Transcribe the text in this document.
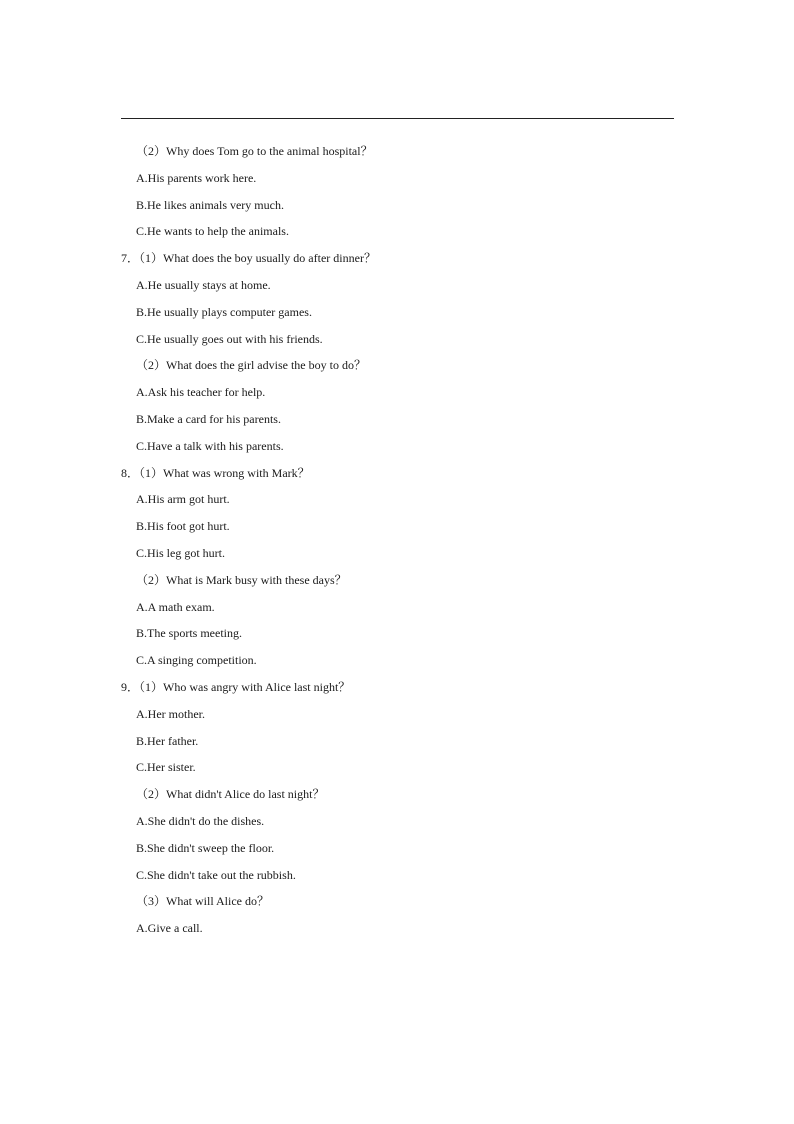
（2）Why does Tom go to the animal hospital？
A.His parents work here.
B.He likes animals very much.
C.He wants to help the animals.
7．（1）What does the boy usually do after dinner？
A.He usually stays at home.
B.He usually plays computer games.
C.He usually goes out with his friends.
（2）What does the girl advise the boy to do？
A.Ask his teacher for help.
B.Make a card for his parents.
C.Have a talk with his parents.
8．（1）What was wrong with Mark？
A.His arm got hurt.
B.His foot got hurt.
C.His leg got hurt.
（2）What is Mark busy with these days？
A.A math exam.
B.The sports meeting.
C.A singing competition.
9．（1）Who was angry with Alice last night？
A.Her mother.
B.Her father.
C.Her sister.
（2）What didn't Alice do last night？
A.She didn't do the dishes.
B.She didn't sweep the floor.
C.She didn't take out the rubbish.
（3）What will Alice do？
A.Give a call.
